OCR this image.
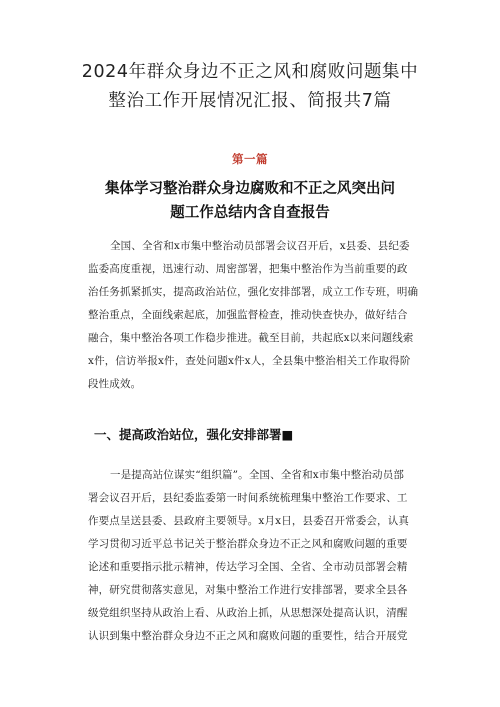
2024年群众身边不正之风和腐败问题集中
整治工作开展情况汇报、简报共7篇
第一篇
集体学习整治群众身边腐败和不正之风突出问
题工作总结内含自查报告

全国、全省和x市集中整治动员部署会议召开后，x县委、县纪委
监委高度重视，迅速行动、周密部署，把集中整治作为当前重要的政
治任务抓紧抓实，提高政治站位，强化安排部署，成立工作专班，明确
整治重点，全面线索起底，加强监督检查，推动快查快办，做好结合
融合，集中整治各项工作稳步推进。截至目前，共起底x以来问题线索
x件，信访举报x件，查处问题x件x人，全县集中整治相关工作取得阶
段性成效。

一、提高政治站位，强化安排部署■

一是提高站位谋实“组织篇”。全国、全省和x市集中整治动员部
署会议召开后，县纪委监委第一时间系统梳理集中整治工作要求、工
作要点呈送县委、县政府主要领导。x月x日，县委召开常委会，认真
学习贯彻习近平总书记关于整治群众身边不正之风和腐败问题的重要
论述和重要指示批示精神，传达学习全国、全省、全市动员部署会精
神，研究贯彻落实意见，对集中整治工作进行安排部署，要求全县各
级党组织坚持从政治上看、从政治上抓，从思想深处提高认识，清醒
认识到集中整治群众身边不正之风和腐败问题的重要性，结合开展党
